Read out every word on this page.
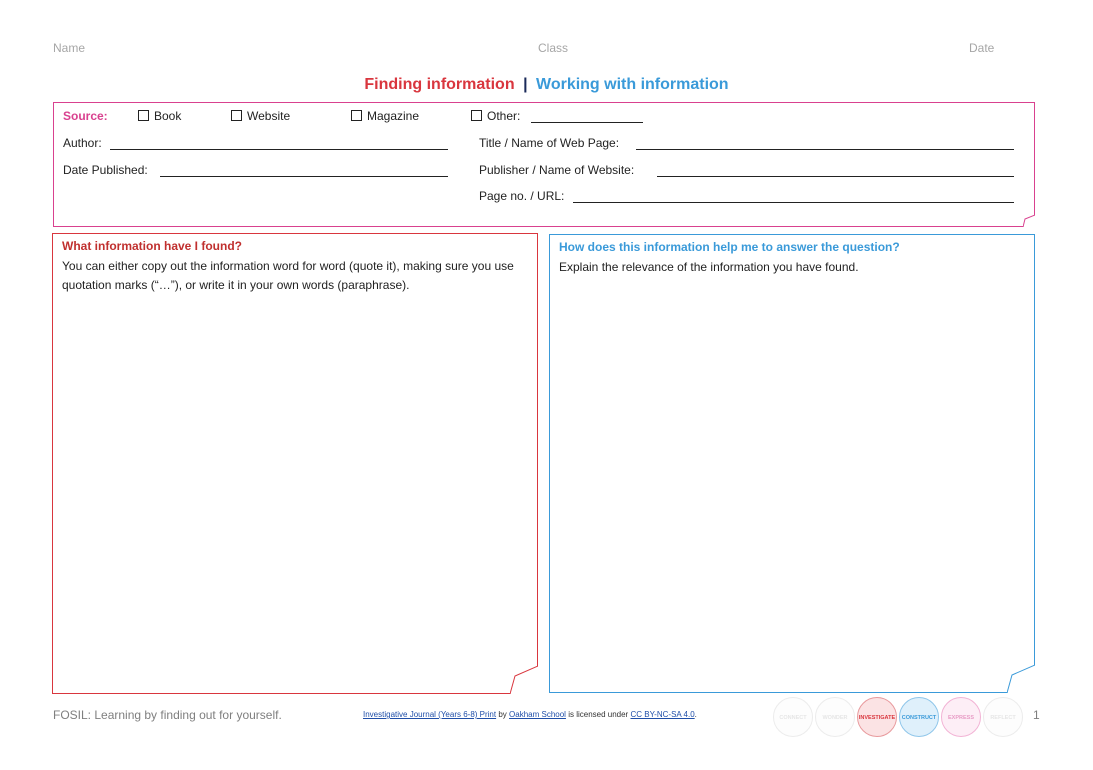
Name	Class	Date
Finding information | Working with information
Source:	Book	Website	Magazine	Other:
Author:
Date Published:
Title / Name of Web Page:
Publisher / Name of Website:
Page no. / URL:
What information have I found?
You can either copy out the information word for word (quote it), making sure you use quotation marks (“…”), or write it in your own words (paraphrase).
How does this information help me to answer the question?
Explain the relevance of the information you have found.
FOSIL: Learning by finding out for yourself.	Investigative Journal (Years 6-8) Print by Oakham School is licensed under CC BY-NC-SA 4.0.	CONNECT	WONDER	INVESTIGATE	CONSTRUCT	EXPRESS	REFLECT	1
